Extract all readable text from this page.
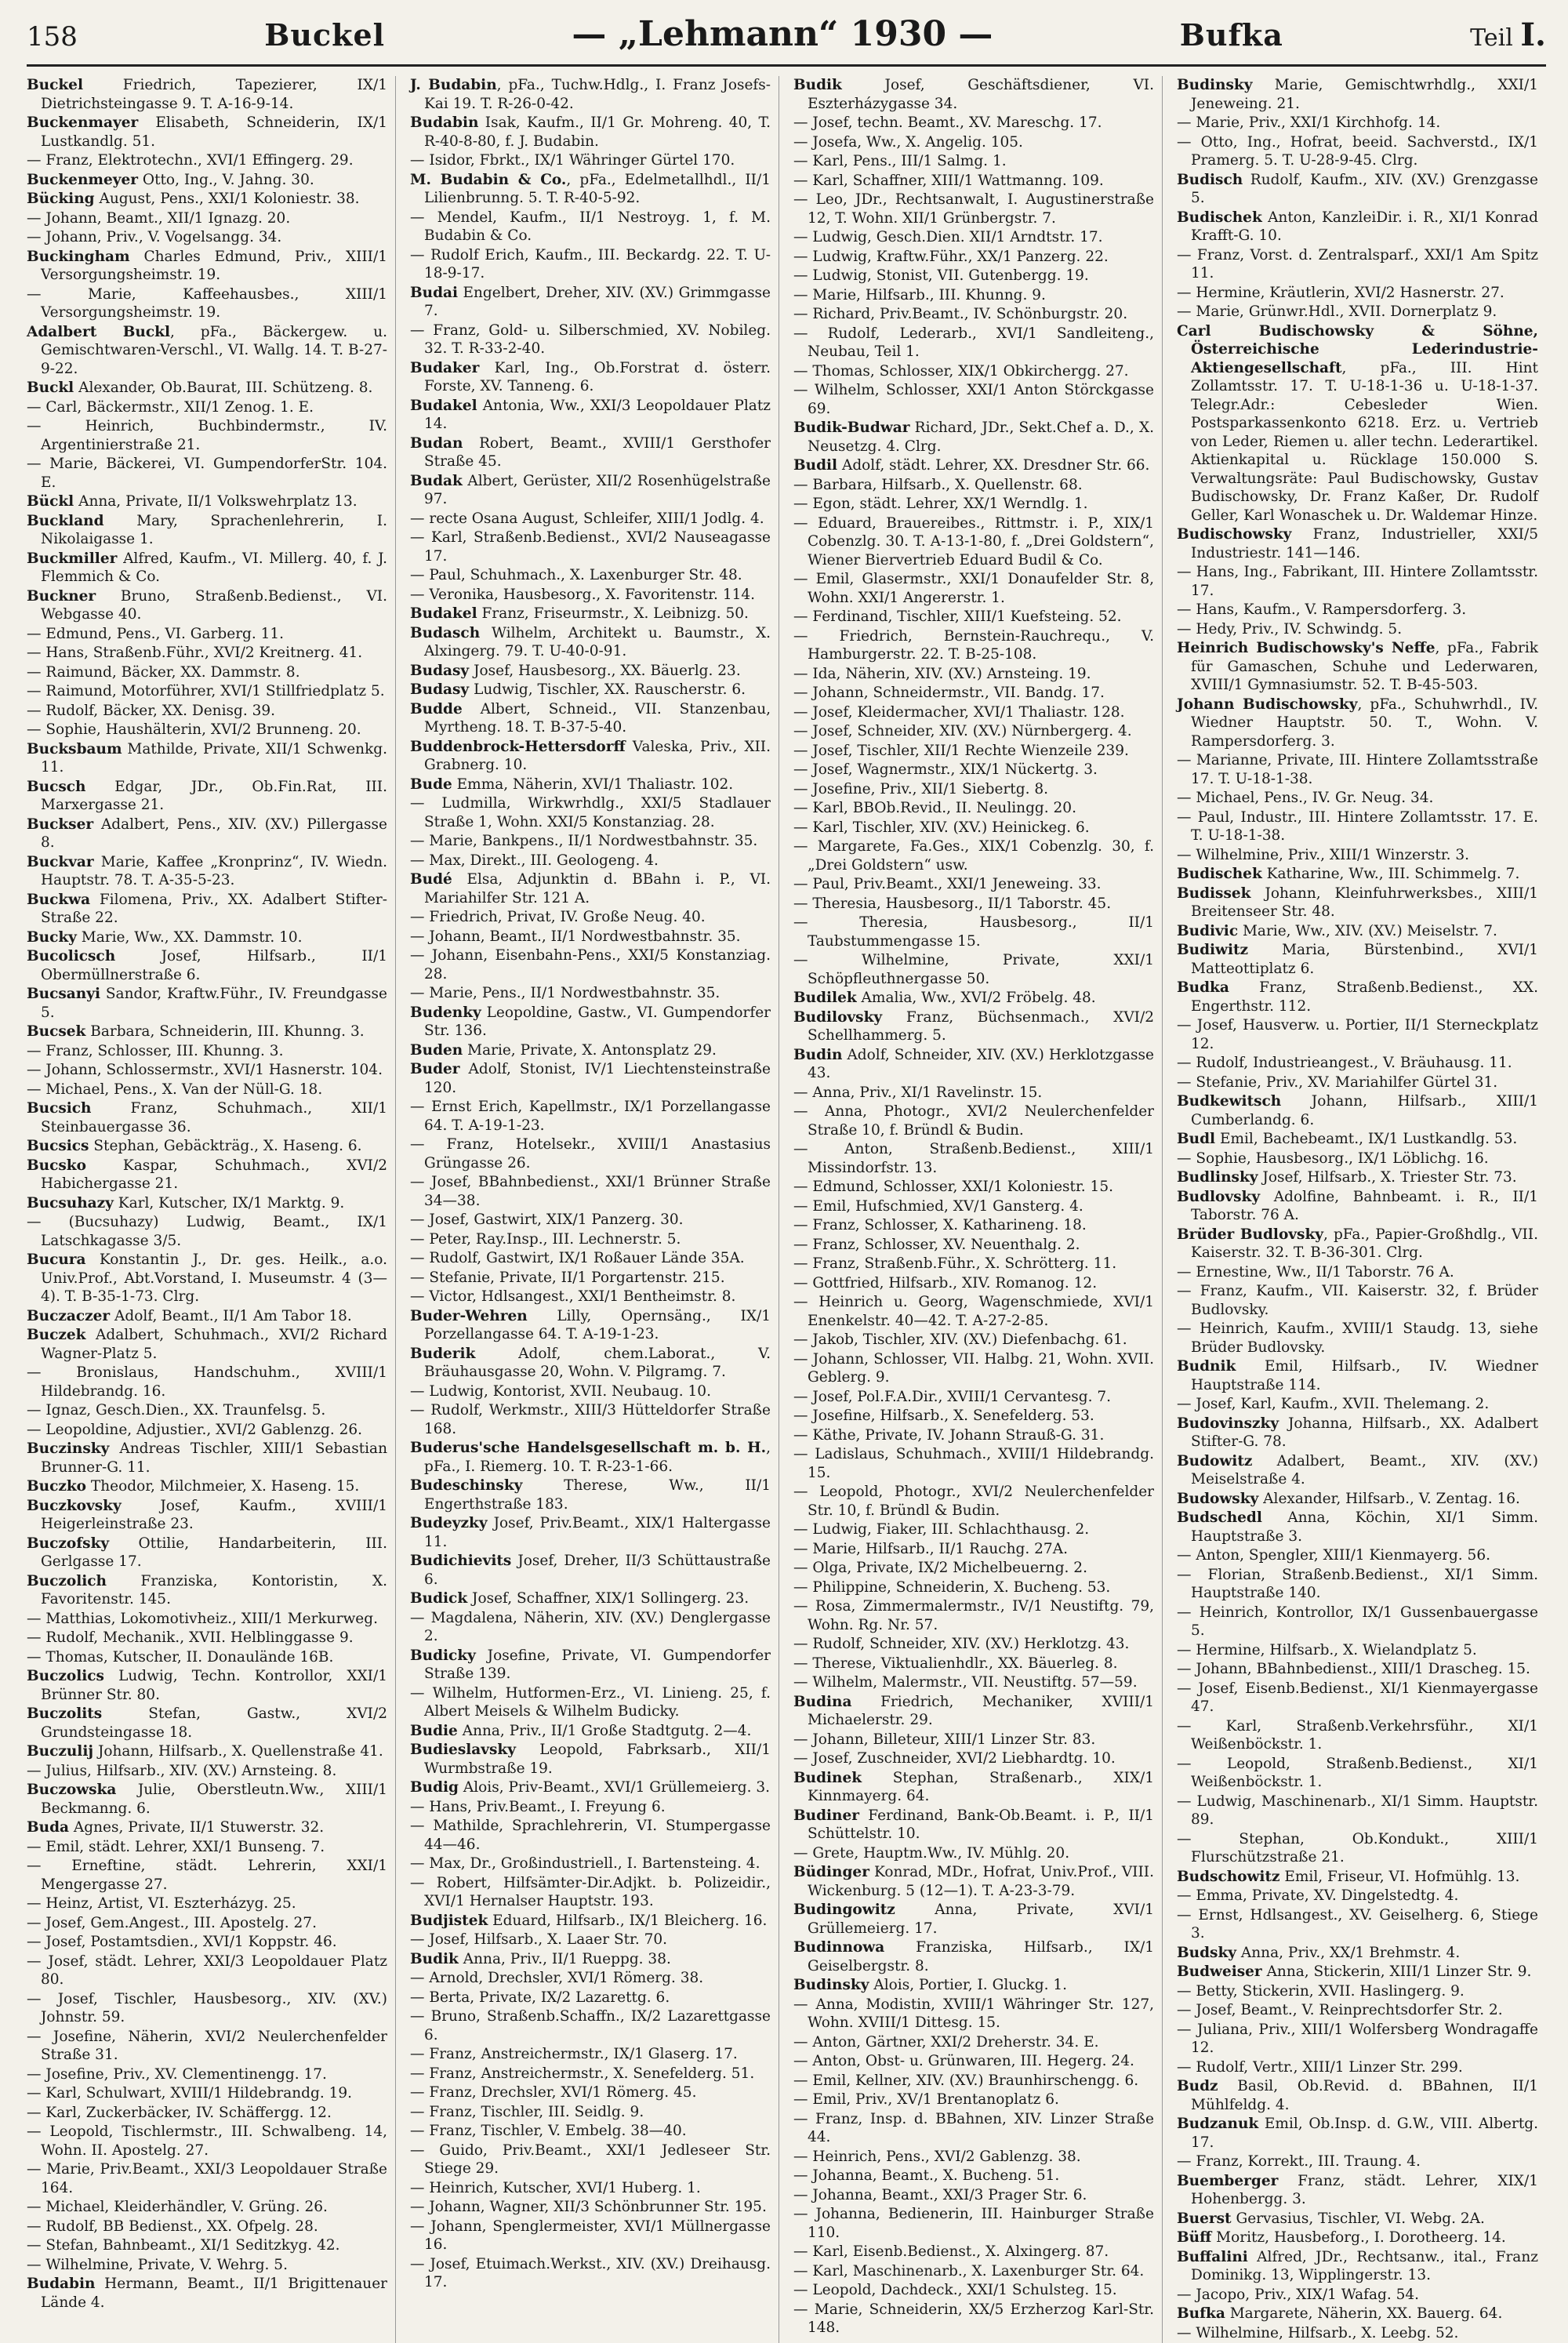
158	Buckel	— „Lehmann“ 1930 —	Bufka	Teil I.

Buckel Friedrich, Tapezierer, IX/1 Dietrichsteingasse 9. T. A-16-9-14.

Buckenmayer Elisabeth, Schneiderin, IX/1 Lustkandlg. 51.

— Franz, Elektrotechn., XVI/1 Effingerg. 29.

Buckenmeyer Otto, Ing., V. Jahng. 30.

Bücking August, Pens., XXI/1 Koloniestr. 38.

— Johann, Beamt., XII/1 Ignazg. 20.

— Johann, Priv., V. Vogelsangg. 34.

Buckingham Charles Edmund, Priv., XIII/1 Versorgungsheimstr. 19.

— Marie, Kaffeehausbes., XIII/1 Versorgungsheimstr. 19.

Adalbert Buckl, pFa., Bäckergew. u. Gemischtwaren-Verschl., VI. Wallg. 14. T. B-27-9-22.

Buckl Alexander, Ob.Baurat, III. Schützeng. 8.

— Carl, Bäckermstr., XII/1 Zenog. 1. E.

— Heinrich, Buchbindermstr., IV. Argentinierstraße 21.

— Marie, Bäckerei, VI. GumpendorferStr. 104. E.

Bückl Anna, Private, II/1 Volkswehrplatz 13.

Buckland Mary, Sprachenlehrerin, I. Nikolaigasse 1.

Buckmiller Alfred, Kaufm., VI. Millerg. 40, f. J. Flemmich & Co.

Buckner Bruno, Straßenb.Bedienst., VI. Webgasse 40.

— Edmund, Pens., VI. Garberg. 11.

— Hans, Straßenb.Führ., XVI/2 Kreitnerg. 41.

— Raimund, Bäcker, XX. Dammstr. 8.

— Raimund, Motorführer, XVI/1 Stillfriedplatz 5.

— Rudolf, Bäcker, XX. Denisg. 39.

— Sophie, Haushälterin, XVI/2 Brunneng. 20.

Bucksbaum Mathilde, Private, XII/1 Schwenkg. 11.

Bucsch Edgar, JDr., Ob.Fin.Rat, III. Marxergasse 21.

Buckser Adalbert, Pens., XIV. (XV.) Pillergasse 8.

Buckvar Marie, Kaffee „Kronprinz“, IV. Wiedn. Hauptstr. 78. T. A-35-5-23.

Buckwa Filomena, Priv., XX. Adalbert Stifter-Straße 22.

Bucky Marie, Ww., XX. Dammstr. 10.

Bucolicsch Josef, Hilfsarb., II/1 Obermüllnerstraße 6.

Bucsanyi Sandor, Kraftw.Führ., IV. Freundgasse 5.

Bucsek Barbara, Schneiderin, III. Khunng. 3.

— Franz, Schlosser, III. Khunng. 3.

— Johann, Schlossermstr., XVI/1 Hasnerstr. 104.

— Michael, Pens., X. Van der Nüll-G. 18.

Bucsich Franz, Schuhmach., XII/1 Steinbauergasse 36.

Bucsics Stephan, Gebäckträg., X. Haseng. 6.

Bucsko Kaspar, Schuhmach., XVI/2 Habichergasse 21.

Bucsuhazy Karl, Kutscher, IX/1 Marktg. 9.

— (Bucsuhazy) Ludwig, Beamt., IX/1 Latschkagasse 3/5.

Bucura Konstantin J., Dr. ges. Heilk., a.o. Univ.Prof., Abt.Vorstand, I. Museumstr. 4 (3—4). T. B-35-1-73. Clrg.

Buczaczer Adolf, Beamt., II/1 Am Tabor 18.

Buczek Adalbert, Schuhmach., XVI/2 Richard Wagner-Platz 5.

— Bronislaus, Handschuhm., XVIII/1 Hildebrandg. 16.

— Ignaz, Gesch.Dien., XX. Traunfelsg. 5.

— Leopoldine, Adjustier., XVI/2 Gablenzg. 26.

Buczinsky Andreas Tischler, XIII/1 Sebastian Brunner-G. 11.

Buczko Theodor, Milchmeier, X. Haseng. 15.

Buczkovsky Josef, Kaufm., XVIII/1 Heigerleinstraße 23.

Buczofsky Ottilie, Handarbeiterin, III. Gerlgasse 17.

Buczolich Franziska, Kontoristin, X. Favoritenstr. 145.

— Matthias, Lokomotivheiz., XIII/1 Merkurweg.

— Rudolf, Mechanik., XVII. Helblinggasse 9.

— Thomas, Kutscher, II. Donaulände 16B.

Buczolics Ludwig, Techn. Kontrollor, XXI/1 Brünner Str. 80.

Buczolits Stefan, Gastw., XVI/2 Grundsteingasse 18.

Buczulij Johann, Hilfsarb., X. Quellenstraße 41.

— Julius, Hilfsarb., XIV. (XV.) Arnsteing. 8.

Buczowska Julie, Oberstleutn.Ww., XIII/1 Beckmanng. 6.

Buda Agnes, Private, II/1 Stuwerstr. 32.

— Emil, städt. Lehrer, XXI/1 Bunseng. 7.

— Erneftine, städt. Lehrerin, XXI/1 Mengergasse 27.

— Heinz, Artist, VI. Eszterházyg. 25.

— Josef, Gem.Angest., III. Apostelg. 27.

— Josef, Postamtsdien., XVI/1 Koppstr. 46.

— Josef, städt. Lehrer, XXI/3 Leopoldauer Platz 80.

— Josef, Tischler, Hausbesorg., XIV. (XV.) Johnstr. 59.

— Josefine, Näherin, XVI/2 Neulerchenfelder Straße 31.

— Josefine, Priv., XV. Clementinengg. 17.

— Karl, Schulwart, XVIII/1 Hildebrandg. 19.

— Karl, Zuckerbäcker, IV. Schäffergg. 12.

— Leopold, Tischlermstr., III. Schwalbeng. 14, Wohn. II. Apostelg. 27.

— Marie, Priv.Beamt., XXI/3 Leopoldauer Straße 164.

— Michael, Kleiderhändler, V. Grüng. 26.

— Rudolf, BB Bedienst., XX. Ofpelg. 28.

— Stefan, Bahnbeamt., XI/1 Seditzkyg. 42.

— Wilhelmine, Private, V. Wehrg. 5.

Budabin Hermann, Beamt., II/1 Brigittenauer Lände 4.

J. Budabin, pFa., Tuchw.Hdlg., I. Franz Josefs-Kai 19. T. R-26-0-42.

Budabin Isak, Kaufm., II/1 Gr. Mohreng. 40, T. R-40-8-80, f. J. Budabin.

— Isidor, Fbrkt., IX/1 Währinger Gürtel 170.

M. Budabin & Co., pFa., Edelmetallhdl., II/1 Lilienbrunng. 5. T. R-40-5-92.

— Mendel, Kaufm., II/1 Nestroyg. 1, f. M. Budabin & Co.

— Rudolf Erich, Kaufm., III. Beckardg. 22. T. U-18-9-17.

Budai Engelbert, Dreher, XIV. (XV.) Grimmgasse 7.

— Franz, Gold- u. Silberschmied, XV. Nobileg. 32. T. R-33-2-40.

Budaker Karl, Ing., Ob.Forstrat d. österr. Forste, XV. Tanneng. 6.

Budakel Antonia, Ww., XXI/3 Leopoldauer Platz 14.

Budan Robert, Beamt., XVIII/1 Gersthofer Straße 45.

Budak Albert, Gerüster, XII/2 Rosenhügelstraße 97.

— recte Osana August, Schleifer, XIII/1 Jodlg. 4.

— Karl, Straßenb.Bedienst., XVI/2 Nauseagasse 17.

— Paul, Schuhmach., X. Laxenburger Str. 48.

— Veronika, Hausbesorg., X. Favoritenstr. 114.

Budakel Franz, Friseurmstr., X. Leibnizg. 50.

Budasch Wilhelm, Architekt u. Baumstr., X. Alxingerg. 79. T. U-40-0-91.

Budasy Josef, Hausbesorg., XX. Bäuerlg. 23.

Budasy Ludwig, Tischler, XX. Rauscherstr. 6.

Budde Albert, Schneid., VII. Stanzenbau, Myrtheng. 18. T. B-37-5-40.

Buddenbrock-Hettersdorff Valeska, Priv., XII. Grabnerg. 10.

Bude Emma, Näherin, XVI/1 Thaliastr. 102.

— Ludmilla, Wirkwrhdlg., XXI/5 Stadlauer Straße 1, Wohn. XXI/5 Konstanziag. 28.

— Marie, Bankpens., II/1 Nordwestbahnstr. 35.

— Max, Direkt., III. Geologeng. 4.

Budé Elsa, Adjunktin d. BBahn i. P., VI. Mariahilfer Str. 121 A.

— Friedrich, Privat, IV. Große Neug. 40.

— Johann, Beamt., II/1 Nordwestbahnstr. 35.

— Johann, Eisenbahn-Pens., XXI/5 Konstanziag. 28.

— Marie, Pens., II/1 Nordwestbahnstr. 35.

Budenky Leopoldine, Gastw., VI. Gumpendorfer Str. 136.

Buden Marie, Private, X. Antonsplatz 29.

Buder Adolf, Stonist, IV/1 Liechtensteinstraße 120.

— Ernst Erich, Kapellmstr., IX/1 Porzellangasse 64. T. A-19-1-23.

— Franz, Hotelsekr., XVIII/1 Anastasius Grüngasse 26.

— Josef, BBahnbedienst., XXI/1 Brünner Straße 34—38.

— Josef, Gastwirt, XIX/1 Panzerg. 30.

— Peter, Ray.Insp., III. Lechnerstr. 5.

— Rudolf, Gastwirt, IX/1 Roßauer Lände 35A.

— Stefanie, Private, II/1 Porgartenstr. 215.

— Victor, Hdlsangest., XXI/1 Bentheimstr. 8.

Buder-Wehren Lilly, Opernsäng., IX/1 Porzellangasse 64. T. A-19-1-23.

Buderik Adolf, chem.Laborat., V. Bräuhausgasse 20, Wohn. V. Pilgramg. 7.

— Ludwig, Kontorist, XVII. Neubaug. 10.

— Rudolf, Werkmstr., XIII/3 Hütteldorfer Straße 168.

Buderus'sche Handelsgesellschaft m. b. H., pFa., I. Riemerg. 10. T. R-23-1-66.

Budeschinsky Therese, Ww., II/1 Engerthstraße 183.

Budeyzky Josef, Priv.Beamt., XIX/1 Haltergasse 11.

Budichievits Josef, Dreher, II/3 Schüttaustraße 6.

Budick Josef, Schaffner, XIX/1 Sollingerg. 23.

— Magdalena, Näherin, XIV. (XV.) Denglergasse 2.

Budicky Josefine, Private, VI. Gumpendorfer Straße 139.

— Wilhelm, Hutformen-Erz., VI. Linieng. 25, f. Albert Meisels & Wilhelm Budicky.

Budie Anna, Priv., II/1 Große Stadtgutg. 2—4.

Budieslavsky Leopold, Fabrksarb., XII/1 Wurmbstraße 19.

Budig Alois, Priv-Beamt., XVI/1 Grüllemeierg. 3.

— Hans, Priv.Beamt., I. Freyung 6.

— Mathilde, Sprachlehrerin, VI. Stumpergasse 44—46.

— Max, Dr., Großindustriell., I. Bartensteing. 4.

— Robert, Hilfsämter-Dir.Adjkt. b. Polizeidir., XVI/1 Hernalser Hauptstr. 193.

Budjistek Eduard, Hilfsarb., IX/1 Bleicherg. 16.

— Josef, Hilfsarb., X. Laaer Str. 70.

Budik Anna, Priv., II/1 Rueppg. 38.

— Arnold, Drechsler, XVI/1 Römerg. 38.

— Berta, Private, IX/2 Lazarettg. 6.

— Bruno, Straßenb.Schaffn., IX/2 Lazarettgasse 6.

— Franz, Anstreichermstr., IX/1 Glaserg. 17.

— Franz, Anstreichermstr., X. Senefelderg. 51.

— Franz, Drechsler, XVI/1 Römerg. 45.

— Franz, Tischler, III. Seidlg. 9.

— Franz, Tischler, V. Embelg. 38—40.

— Guido, Priv.Beamt., XXI/1 Jedleseer Str. Stiege 29.

— Heinrich, Kutscher, XVI/1 Huberg. 1.

— Johann, Wagner, XII/3 Schönbrunner Str. 195.

— Johann, Spenglermeister, XVI/1 Müllnergasse 16.

— Josef, Etuimach.Werkst., XIV. (XV.) Dreihausg. 17.

Budik Josef, Geschäftsdiener, VI. Eszterházygasse 34.

— Josef, techn. Beamt., XV. Mareschg. 17.

— Josefa, Ww., X. Angelig. 105.

— Karl, Pens., III/1 Salmg. 1.

— Karl, Schaffner, XIII/1 Wattmanng. 109.

— Leo, JDr., Rechtsanwalt, I. Augustinerstraße 12, T. Wohn. XII/1 Grünbergstr. 7.

— Ludwig, Gesch.Dien. XII/1 Arndtstr. 17.

— Ludwig, Kraftw.Führ., XX/1 Panzerg. 22.

— Ludwig, Stonist, VII. Gutenbergg. 19.

— Marie, Hilfsarb., III. Khunng. 9.

— Richard, Priv.Beamt., IV. Schönburgstr. 20.

— Rudolf, Lederarb., XVI/1 Sandleiteng., Neubau, Teil 1.

— Thomas, Schlosser, XIX/1 Obkirchergg. 27.

— Wilhelm, Schlosser, XXI/1 Anton Störckgasse 69.

Budik-Budwar Richard, JDr., Sekt.Chef a. D., X. Neusetzg. 4. Clrg.

Budil Adolf, städt. Lehrer, XX. Dresdner Str. 66.

— Barbara, Hilfsarb., X. Quellenstr. 68.

— Egon, städt. Lehrer, XX/1 Werndlg. 1.

— Eduard, Brauereibes., Rittmstr. i. P., XIX/1 Cobenzlg. 30. T. A-13-1-80, f. „Drei Goldstern“, Wiener Biervertrieb Eduard Budil & Co.

— Emil, Glasermstr., XXI/1 Donaufelder Str. 8, Wohn. XXI/1 Angererstr. 1.

— Ferdinand, Tischler, XIII/1 Kuefsteing. 52.

— Friedrich, Bernstein-Rauchrequ., V. Hamburgerstr. 22. T. B-25-108.

— Ida, Näherin, XIV. (XV.) Arnsteing. 19.

— Johann, Schneidermstr., VII. Bandg. 17.

— Josef, Kleidermacher, XVI/1 Thaliastr. 128.

— Josef, Schneider, XIV. (XV.) Nürnbergerg. 4.

— Josef, Tischler, XII/1 Rechte Wienzeile 239.

— Josef, Wagnermstr., XIX/1 Nückertg. 3.

— Josefine, Priv., XII/1 Siebertg. 8.

— Karl, BBOb.Revid., II. Neulingg. 20.

— Karl, Tischler, XIV. (XV.) Heinickeg. 6.

— Margarete, Fa.Ges., XIX/1 Cobenzlg. 30, f. „Drei Goldstern“ usw.

— Paul, Priv.Beamt., XXI/1 Jeneweing. 33.

— Theresia, Hausbesorg., II/1 Taborstr. 45.

— Theresia, Hausbesorg., II/1 Taubstummengasse 15.

— Wilhelmine, Private, XXI/1 Schöpfleuthnergasse 50.

Budilek Amalia, Ww., XVI/2 Fröbelg. 48.

Budilovsky Franz, Büchsenmach., XVI/2 Schellhammerg. 5.

Budin Adolf, Schneider, XIV. (XV.) Herklotzgasse 43.

— Anna, Priv., XI/1 Ravelinstr. 15.

— Anna, Photogr., XVI/2 Neulerchenfelder Straße 10, f. Bründl & Budin.

— Anton, Straßenb.Bedienst., XIII/1 Missindorfstr. 13.

— Edmund, Schlosser, XXI/1 Koloniestr. 15.

— Emil, Hufschmied, XV/1 Gansterg. 4.

— Franz, Schlosser, X. Katharineng. 18.

— Franz, Schlosser, XV. Neuenthalg. 2.

— Franz, Straßenb.Führ., X. Schrötterg. 11.

— Gottfried, Hilfsarb., XIV. Romanog. 12.

— Heinrich u. Georg, Wagenschmiede, XVI/1 Enenkelstr. 40—42. T. A-27-2-85.

— Jakob, Tischler, XIV. (XV.) Diefenbachg. 61.

— Johann, Schlosser, VII. Halbg. 21, Wohn. XVII. Geblerg. 9.

— Josef, Pol.F.A.Dir., XVIII/1 Cervantesg. 7.

— Josefine, Hilfsarb., X. Senefelderg. 53.

— Käthe, Private, IV. Johann Strauß-G. 31.

— Ladislaus, Schuhmach., XVIII/1 Hildebrandg. 15.

— Leopold, Photogr., XVI/2 Neulerchenfelder Str. 10, f. Bründl & Budin.

— Ludwig, Fiaker, III. Schlachthausg. 2.

— Marie, Hilfsarb., II/1 Rauchg. 27A.

— Olga, Private, IX/2 Michelbeuerng. 2.

— Philippine, Schneiderin, X. Bucheng. 53.

— Rosa, Zimmermalermstr., IV/1 Neustiftg. 79, Wohn. Rg. Nr. 57.

— Rudolf, Schneider, XIV. (XV.) Herklotzg. 43.

— Therese, Viktualienhdlr., XX. Bäuerleg. 8.

— Wilhelm, Malermstr., VII. Neustiftg. 57—59.

Budina Friedrich, Mechaniker, XVIII/1 Michaelerstr. 29.

— Johann, Billeteur, XIII/1 Linzer Str. 83.

— Josef, Zuschneider, XVI/2 Liebhardtg. 10.

Budinek Stephan, Straßenarb., XIX/1 Kinnmayerg. 64.

Budiner Ferdinand, Bank-Ob.Beamt. i. P., II/1 Schüttelstr. 10.

— Grete, Hauptm.Ww., IV. Mühlg. 20.

Büdinger Konrad, MDr., Hofrat, Univ.Prof., VIII. Wickenburg. 5 (12—1). T. A-23-3-79.

Budingowitz Anna, Private, XVI/1 Grüllemeierg. 17.

Budinnowa Franziska, Hilfsarb., IX/1 Geiselbergstr. 8.

Budinsky Alois, Portier, I. Gluckg. 1.

— Anna, Modistin, XVIII/1 Währinger Str. 127, Wohn. XVIII/1 Dittesg. 15.

— Anton, Gärtner, XXI/2 Dreherstr. 34. E.

— Anton, Obst- u. Grünwaren, III. Hegerg. 24.

— Emil, Kellner, XIV. (XV.) Braunhirschengg. 6.

— Emil, Priv., XV/1 Brentanoplatz 6.

— Franz, Insp. d. BBahnen, XIV. Linzer Straße 44.

— Heinrich, Pens., XVI/2 Gablenzg. 38.

— Johanna, Beamt., X. Bucheng. 51.

— Johanna, Beamt., XXI/3 Prager Str. 6.

— Johanna, Bedienerin, III. Hainburger Straße 110.

— Karl, Eisenb.Bedienst., X. Alxingerg. 87.

— Karl, Maschinenarb., X. Laxenburger Str. 64.

— Leopold, Dachdeck., XXI/1 Schulsteg. 15.

— Marie, Schneiderin, XX/5 Erzherzog Karl-Str. 148.

Budinsky Marie, Gemischtwrhdlg., XXI/1 Jeneweing. 21.

— Marie, Priv., XXI/1 Kirchhofg. 14.

— Otto, Ing., Hofrat, beeid. Sachverstd., IX/1 Pramerg. 5. T. U-28-9-45. Clrg.

Budisch Rudolf, Kaufm., XIV. (XV.) Grenzgasse 5.

Budischek Anton, KanzleiDir. i. R., XI/1 Konrad Krafft-G. 10.

— Franz, Vorst. d. Zentralsparf., XXI/1 Am Spitz 11.

— Hermine, Kräutlerin, XVI/2 Hasnerstr. 27.

— Marie, Grünwr.Hdl., XVII. Dornerplatz 9.

Carl Budischowsky & Söhne, Österreichische Lederindustrie-Aktiengesellschaft, pFa., III. Hint Zollamtsstr. 17. T. U-18-1-36 u. U-18-1-37. Telegr.Adr.: Cebesleder Wien. Postsparkassenkonto 6218. Erz. u. Vertrieb von Leder, Riemen u. aller techn. Lederartikel. Aktienkapital u. Rücklage 150.000 S. Verwaltungsräte: Paul Budischowsky, Gustav Budischowsky, Dr. Franz Kaßer, Dr. Rudolf Geller, Karl Wonaschek u. Dr. Waldemar Hinze.

Budischowsky Franz, Industrieller, XXI/5 Industriestr. 141—146.

— Hans, Ing., Fabrikant, III. Hintere Zollamtsstr. 17.

— Hans, Kaufm., V. Rampersdorferg. 3.

— Hedy, Priv., IV. Schwindg. 5.

Heinrich Budischowsky's Neffe, pFa., Fabrik für Gamaschen, Schuhe und Lederwaren, XVIII/1 Gymnasiumstr. 52. T. B-45-503.

Johann Budischowsky, pFa., Schuhwrhdl., IV. Wiedner Hauptstr. 50. T., Wohn. V. Rampersdorferg. 3.

— Marianne, Private, III. Hintere Zollamtsstraße 17. T. U-18-1-38.

— Michael, Pens., IV. Gr. Neug. 34.

— Paul, Industr., III. Hintere Zollamtsstr. 17. E. T. U-18-1-38.

— Wilhelmine, Priv., XIII/1 Winzerstr. 3.

Budischek Katharine, Ww., III. Schimmelg. 7.

Budissek Johann, Kleinfuhrwerksbes., XIII/1 Breitenseer Str. 48.

Budivic Marie, Ww., XIV. (XV.) Meiselstr. 7.

Budiwitz Maria, Bürstenbind., XVI/1 Matteottiplatz 6.

Budka Franz, Straßenb.Bedienst., XX. Engerthstr. 112.

— Josef, Hausverw. u. Portier, II/1 Sterneckplatz 12.

— Rudolf, Industrieangest., V. Bräuhausg. 11.

— Stefanie, Priv., XV. Mariahilfer Gürtel 31.

Budkewitsch Johann, Hilfsarb., XIII/1 Cumberlandg. 6.

Budl Emil, Bachebeamt., IX/1 Lustkandlg. 53.

— Sophie, Hausbesorg., IX/1 Löblichg. 16.

Budlinsky Josef, Hilfsarb., X. Triester Str. 73.

Budlovsky Adolfine, Bahnbeamt. i. R., II/1 Taborstr. 76 A.

Brüder Budlovsky, pFa., Papier-Großhdlg., VII. Kaiserstr. 32. T. B-36-301. Clrg.

— Ernestine, Ww., II/1 Taborstr. 76 A.

— Franz, Kaufm., VII. Kaiserstr. 32, f. Brüder Budlovsky.

— Heinrich, Kaufm., XVIII/1 Staudg. 13, siehe Brüder Budlovsky.

Budnik Emil, Hilfsarb., IV. Wiedner Hauptstraße 114.

— Josef, Karl, Kaufm., XVII. Thelemang. 2.

Budovinszky Johanna, Hilfsarb., XX. Adalbert Stifter-G. 78.

Budowitz Adalbert, Beamt., XIV. (XV.) Meiselstraße 4.

Budowsky Alexander, Hilfsarb., V. Zentag. 16.

Budschedl Anna, Köchin, XI/1 Simm. Hauptstraße 3.

— Anton, Spengler, XIII/1 Kienmayerg. 56.

— Florian, Straßenb.Bedienst., XI/1 Simm. Hauptstraße 140.

— Heinrich, Kontrollor, IX/1 Gussenbauergasse 5.

— Hermine, Hilfsarb., X. Wielandplatz 5.

— Johann, BBahnbedienst., XIII/1 Drascheg. 15.

— Josef, Eisenb.Bedienst., XI/1 Kienmayergasse 47.

— Karl, Straßenb.Verkehrsführ., XI/1 Weißenböckstr. 1.

— Leopold, Straßenb.Bedienst., XI/1 Weißenböckstr. 1.

— Ludwig, Maschinenarb., XI/1 Simm. Hauptstr. 89.

— Stephan, Ob.Kondukt., XIII/1 Flurschützstraße 21.

Budschowitz Emil, Friseur, VI. Hofmühlg. 13.

— Emma, Private, XV. Dingelstedtg. 4.

— Ernst, Hdlsangest., XV. Geiselherg. 6, Stiege 3.

Budsky Anna, Priv., XX/1 Brehmstr. 4.

Budweiser Anna, Stickerin, XIII/1 Linzer Str. 9.

— Betty, Stickerin, XVII. Haslingerg. 9.

— Josef, Beamt., V. Reinprechtsdorfer Str. 2.

— Juliana, Priv., XIII/1 Wolfersberg Wondragaffe 12.

— Rudolf, Vertr., XIII/1 Linzer Str. 299.

Budz Basil, Ob.Revid. d. BBahnen, II/1 Mühlfeldg. 4.

Budzanuk Emil, Ob.Insp. d. G.W., VIII. Albertg. 17.

— Franz, Korrekt., III. Traung. 4.

Buemberger Franz, städt. Lehrer, XIX/1 Hohenbergg. 3.

Buerst Gervasius, Tischler, VI. Webg. 2A.

Büff Moritz, Hausbeforg., I. Dorotheerg. 14.

Buffalini Alfred, JDr., Rechtsanw., ital., Franz Dominikg. 13, Wipplingerstr. 13.

— Jacopo, Priv., XIX/1 Wafag. 54.

Bufka Margarete, Näherin, XX. Bauerg. 64.

— Wilhelmine, Hilfsarb., X. Leebg. 52.
